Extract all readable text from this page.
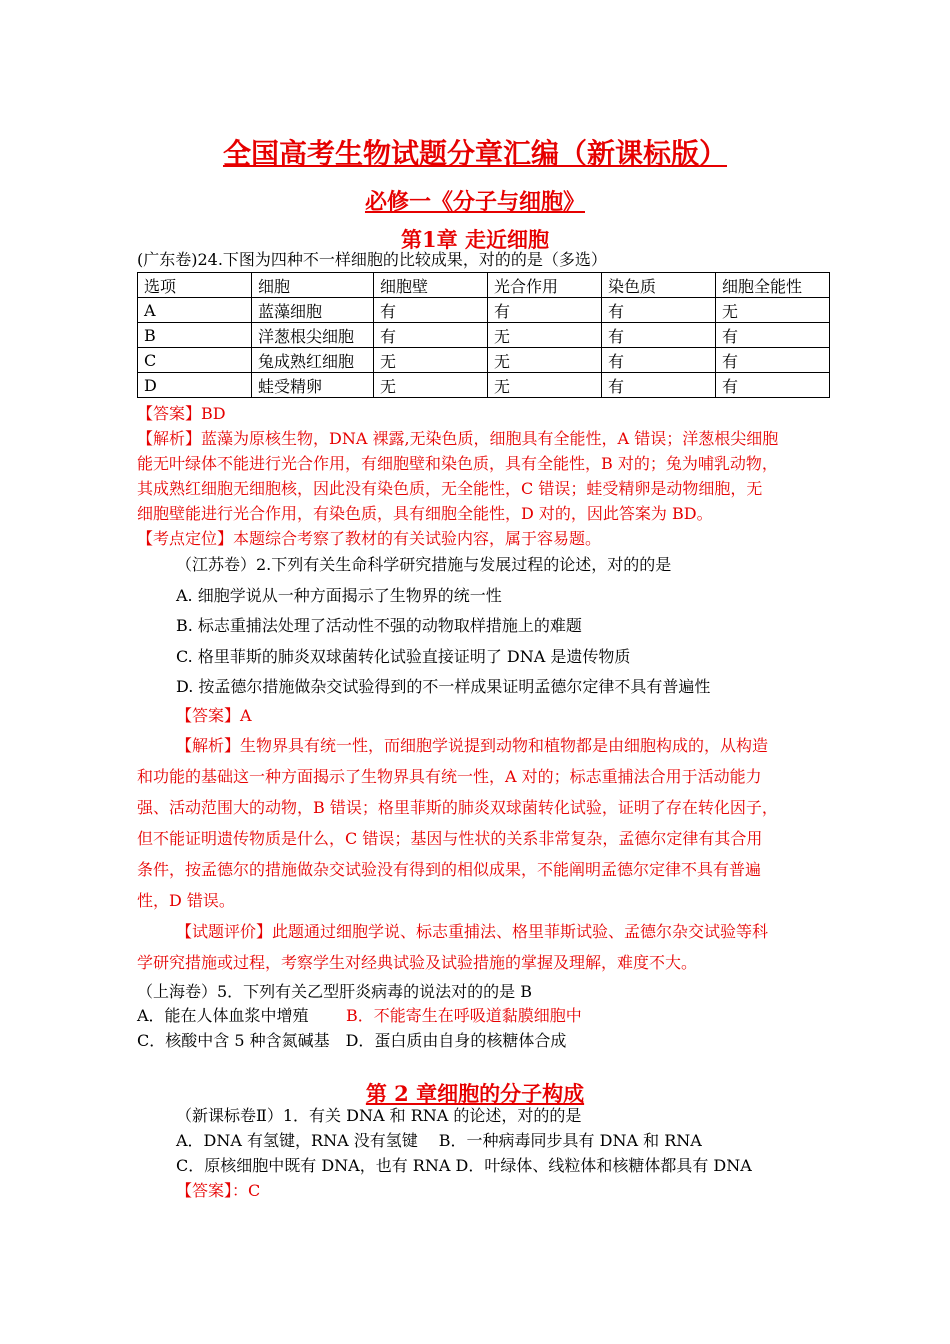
全国高考生物试题分章汇编（新课标版）
必修一《分子与细胞》
第1章 走近细胞
(广东卷)24.下图为四种不一样细胞的比较成果，对的的是（多选）
选项	细胞	细胞壁	光合作用	染色质	细胞全能性
A	蓝藻细胞	有	有	有	无
B	洋葱根尖细胞	有	无	有	有
C	兔成熟红细胞	无	无	有	有
D	蛙受精卵	无	无	有	有
【答案】BD
【解析】蓝藻为原核生物，DNA 裸露,无染色质，细胞具有全能性，A 错误；洋葱根尖细胞
能无叶绿体不能进行光合作用，有细胞壁和染色质，具有全能性，B 对的；兔为哺乳动物，
其成熟红细胞无细胞核，因此没有染色质，无全能性，C 错误；蛙受精卵是动物细胞，无
细胞壁能进行光合作用，有染色质，具有细胞全能性，D 对的，因此答案为 BD。
【考点定位】本题综合考察了教材的有关试验内容，属于容易题。
（江苏卷）2.下列有关生命科学研究措施与发展过程的论述，对的的是
A. 细胞学说从一种方面揭示了生物界的统一性
B. 标志重捕法处理了活动性不强的动物取样措施上的难题
C. 格里菲斯的肺炎双球菌转化试验直接证明了 DNA 是遗传物质
D. 按孟德尔措施做杂交试验得到的不一样成果证明孟德尔定律不具有普遍性
【答案】A
【解析】生物界具有统一性，而细胞学说提到动物和植物都是由细胞构成的，从构造
和功能的基础这一种方面揭示了生物界具有统一性，A 对的；标志重捕法合用于活动能力
强、活动范围大的动物，B 错误；格里菲斯的肺炎双球菌转化试验，证明了存在转化因子，
但不能证明遗传物质是什么，C 错误；基因与性状的关系非常复杂，孟德尔定律有其合用
条件，按孟德尔的措施做杂交试验没有得到的相似成果，不能阐明孟德尔定律不具有普遍
性，D 错误。
【试题评价】此题通过细胞学说、标志重捕法、格里菲斯试验、孟德尔杂交试验等科
学研究措施或过程，考察学生对经典试验及试验措施的掌握及理解，难度不大。
（上海卷）5．下列有关乙型肝炎病毒的说法对的的是 B
A．能在人体血浆中增殖 B．不能寄生在呼吸道黏膜细胞中
C．核酸中含 5 种含氮碱基　D．蛋白质由自身的核糖体合成
第 2 章细胞的分子构成
（新课标卷Ⅱ）1．有关 DNA 和 RNA 的论述，对的的是
A．DNA 有氢键，RNA 没有氢键　 B．一种病毒同步具有 DNA 和 RNA
C．原核细胞中既有 DNA，也有 RNA D．叶绿体、线粒体和核糖体都具有 DNA
【答案】：C
